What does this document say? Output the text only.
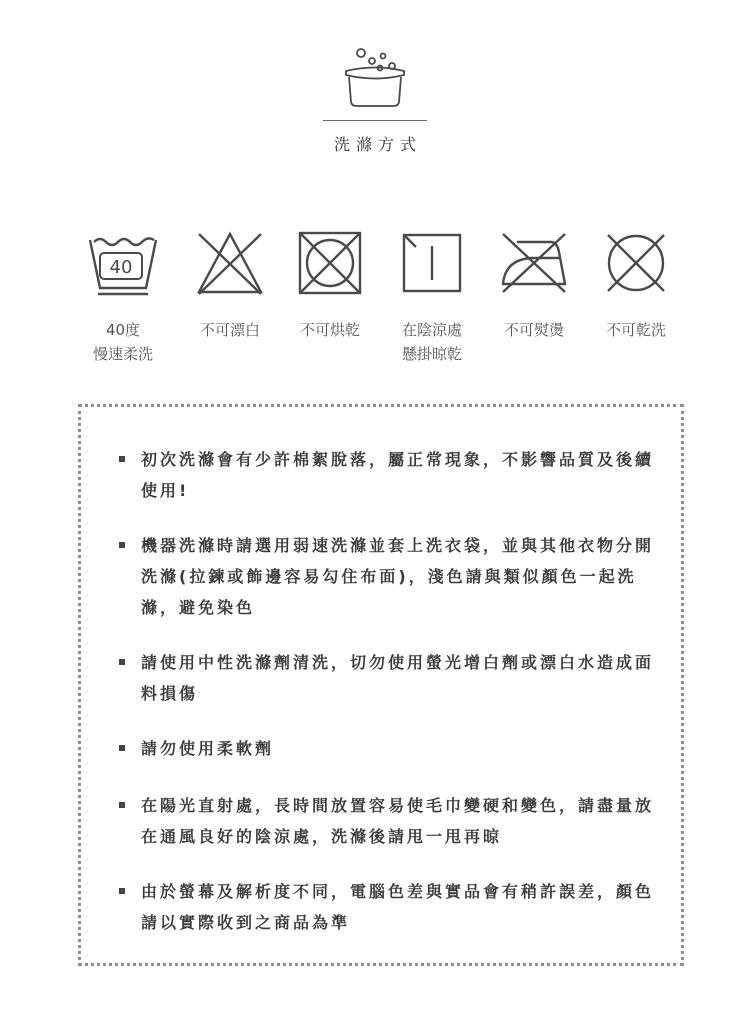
洗滌方式
40
40度
慢速柔洗
不可漂白	不可烘乾	在陰涼處
懸掛晾乾
不可熨燙	不可乾洗
初次洗滌會有少許棉絮脫落，屬正常現象，不影響品質及後續使用!
機器洗滌時請選用弱速洗滌並套上洗衣袋，並與其他衣物分開洗滌(拉鍊或飾邊容易勾住布面)，淺色請與類似顏色一起洗滌，避免染色
請使用中性洗滌劑清洗，切勿使用螢光增白劑或漂白水造成面料損傷
請勿使用柔軟劑
在陽光直射處，長時間放置容易使毛巾變硬和變色，請盡量放在通風良好的陰涼處，洗滌後請甩一甩再晾
由於螢幕及解析度不同，電腦色差與實品會有稍許誤差，顏色請以實際收到之商品為準
